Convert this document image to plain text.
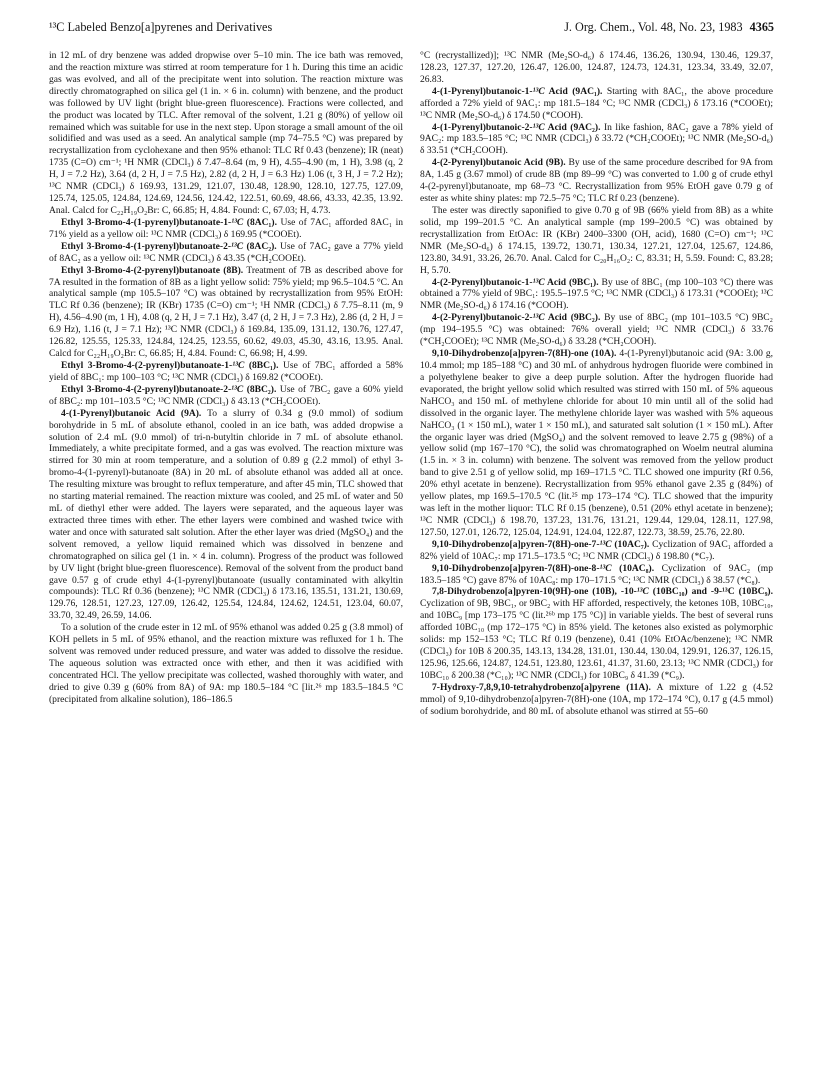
¹³C Labeled Benzo[a]pyrenes and Derivatives	J. Org. Chem., Vol. 48, No. 23, 1983 4365

in 12 mL of dry benzene was added dropwise over 5–10 min. The ice bath was removed, and the reaction mixture was stirred at room temperature for 1 h. During this time an acidic gas was evolved, and all of the precipitate went into solution. The reaction mixture was directly chromatographed on silica gel (1 in. × 6 in. column) with benzene, and the product was followed by UV light (bright blue-green fluorescence). Fractions were collected, and the product was located by TLC. After removal of the solvent, 1.21 g (80%) of yellow oil remained which was suitable for use in the next step. Upon storage a small amount of the oil solidified and was used as a seed. An analytical sample (mp 74–75.5 °C) was prepared by recrystallization from cyclohexane and then 95% ethanol: TLC Rf 0.43 (benzene); IR (neat) 1735 (C=O) cm⁻¹; ¹H NMR (CDCl₃) δ 7.47–8.64 (m, 9 H), 4.55–4.90 (m, 1 H), 3.98 (q, 2 H, J = 7.2 Hz), 3.64 (d, 2 H, J = 7.5 Hz), 2.82 (d, 2 H, J = 6.3 Hz) 1.06 (t, 3 H, J = 7.2 Hz); ¹³C NMR (CDCl₃) δ 169.93, 131.29, 121.07, 130.48, 128.90, 128.10, 127.75, 127.09, 125.74, 125.05, 124.84, 124.69, 124.56, 124.42, 122.51, 60.69, 48.66, 43.33, 42.35, 13.92. Anal. Calcd for C₂₂H₁₉O₂Br: C, 66.85; H, 4.84. Found: C, 67.03; H, 4.73.

Ethyl 3-Bromo-4-(1-pyrenyl)butanoate-1-¹³C (8AC₁). Use of 7AC₁ afforded 8AC₁ in 71% yield as a yellow oil: ¹³C NMR (CDCl₃) δ 169.95 (*COOEt).

Ethyl 3-Bromo-4-(1-pyrenyl)butanoate-2-¹³C (8AC₂). Use of 7AC₂ gave a 77% yield of 8AC₂ as a yellow oil: ¹³C NMR (CDCl₃) δ 43.35 (*CH₂COOEt).

Ethyl 3-Bromo-4-(2-pyrenyl)butanoate (8B). Treatment of 7B as described above for 7A resulted in the formation of 8B as a light yellow solid: 75% yield; mp 96.5–104.5 °C. An analytical sample (mp 105.5–107 °C) was obtained by recrystallization from 95% EtOH: TLC Rf 0.36 (benzene); IR (KBr) 1735 (C=O) cm⁻¹; ¹H NMR (CDCl₃) δ 7.75–8.11 (m, 9 H), 4.56–4.90 (m, 1 H), 4.08 (q, 2 H, J = 7.1 Hz), 3.47 (d, 2 H, J = 7.3 Hz), 2.86 (d, 2 H, J = 6.9 Hz), 1.16 (t, J = 7.1 Hz); ¹³C NMR (CDCl₃) δ 169.84, 135.09, 131.12, 130.76, 127.47, 126.82, 125.55, 125.33, 124.84, 124.25, 123.55, 60.62, 49.03, 45.30, 43.16, 13.95. Anal. Calcd for C₂₂H₁₉O₂Br: C, 66.85; H, 4.84. Found: C, 66.98; H, 4.99.

Ethyl 3-Bromo-4-(2-pyrenyl)butanoate-1-¹³C (8BC₁). Use of 7BC₁ afforded a 58% yield of 8BC₁: mp 100–103 °C; ¹³C NMR (CDCl₃) δ 169.82 (*COOEt).

Ethyl 3-Bromo-4-(2-pyrenyl)butanoate-2-¹³C (8BC₂). Use of 7BC₂ gave a 60% yield of 8BC₂: mp 101–103.5 °C; ¹³C NMR (CDCl₃) δ 43.13 (*CH₂COOEt).

4-(1-Pyrenyl)butanoic Acid (9A). To a slurry of 0.34 g (9.0 mmol) of sodium borohydride in 5 mL of absolute ethanol, cooled in an ice bath, was added dropwise a solution of 2.4 mL (9.0 mmol) of tri-n-butyltin chloride in 7 mL of absolute ethanol. Immediately, a white precipitate formed, and a gas was evolved. The reaction mixture was stirred for 30 min at room temperature, and a solution of 0.89 g (2.2 mmol) of ethyl 3-bromo-4-(1-pyrenyl)-butanoate (8A) in 20 mL of absolute ethanol was added all at once. The resulting mixture was brought to reflux temperature, and after 45 min, TLC showed that no starting material remained. The reaction mixture was cooled, and 25 mL of water and 50 mL of diethyl ether were added. The layers were separated, and the aqueous layer was extracted three times with ether. The ether layers were combined and washed twice with water and once with saturated salt solution. After the ether layer was dried (MgSO₄) and the solvent removed, a yellow liquid remained which was dissolved in benzene and chromatographed on silica gel (1 in. × 4 in. column). Progress of the product was followed by UV light (bright blue-green fluorescence). Removal of the solvent from the product band gave 0.57 g of crude ethyl 4-(1-pyrenyl)butanoate (usually contaminated with alkyltin compounds): TLC Rf 0.36 (benzene); ¹³C NMR (CDCl₃) δ 173.16, 135.51, 131.21, 130.69, 129.76, 128.51, 127.23, 127.09, 126.42, 125.54, 124.84, 124.62, 124.51, 123.04, 60.07, 33.70, 32.49, 26.59, 14.06.

To a solution of the crude ester in 12 mL of 95% ethanol was added 0.25 g (3.8 mmol) of KOH pellets in 5 mL of 95% ethanol, and the reaction mixture was refluxed for 1 h. The solvent was removed under reduced pressure, and water was added to dissolve the residue. The aqueous solution was extracted once with ether, and then it was acidified with concentrated HCl. The yellow precipitate was collected, washed thoroughly with water, and dried to give 0.39 g (60% from 8A) of 9A: mp 180.5–184 °C [lit.²⁶ mp 183.5–184.5 °C (precipitated from alkaline solution), 186–186.5

°C (recrystallized)]; ¹³C NMR (Me₂SO-d₆) δ 174.46, 136.26, 130.94, 130.46, 129.37, 128.23, 127.37, 127.20, 126.47, 126.00, 124.87, 124.73, 124.31, 123.34, 33.49, 32.07, 26.83.

4-(1-Pyrenyl)butanoic-1-¹³C Acid (9AC₁). Starting with 8AC₁, the above procedure afforded a 72% yield of 9AC₁: mp 181.5–184 °C; ¹³C NMR (CDCl₃) δ 173.16 (*COOEt); ¹³C NMR (Me₂SO-d₆) δ 174.50 (*COOH).

4-(1-Pyrenyl)butanoic-2-¹³C Acid (9AC₂). In like fashion, 8AC₂ gave a 78% yield of 9AC₂: mp 183.5–185 °C; ¹³C NMR (CDCl₃) δ 33.72 (*CH₂COOEt); ¹³C NMR (Me₂SO-d₆) δ 33.51 (*CH₂COOH).

4-(2-Pyrenyl)butanoic Acid (9B). By use of the same procedure described for 9A from 8A, 1.45 g (3.67 mmol) of crude 8B (mp 89–99 °C) was converted to 1.00 g of crude ethyl 4-(2-pyrenyl)butanoate, mp 68–73 °C. Recrystallization from 95% EtOH gave 0.79 g of ester as white shiny plates: mp 72.5–75 °C; TLC Rf 0.23 (benzene).

The ester was directly saponified to give 0.70 g of 9B (66% yield from 8B) as a white solid, mp 199–201.5 °C. An analytical sample (mp 199–200.5 °C) was obtained by recrystallization from EtOAc: IR (KBr) 2400–3300 (OH, acid), 1680 (C=O) cm⁻¹; ¹³C NMR (Me₂SO-d₆) δ 174.15, 139.72, 130.71, 130.34, 127.21, 127.04, 125.67, 124.86, 123.80, 34.91, 33.26, 26.70. Anal. Calcd for C₂₀H₁₆O₂: C, 83.31; H, 5.59. Found: C, 83.28; H, 5.70.

4-(2-Pyrenyl)butanoic-1-¹³C Acid (9BC₁). By use of 8BC₁ (mp 100–103 °C) there was obtained a 77% yield of 9BC₁: 195.5–197.5 °C; ¹³C NMR (CDCl₃) δ 173.31 (*COOEt); ¹³C NMR (Me₂SO-d₆) δ 174.16 (*COOH).

4-(2-Pyrenyl)butanoic-2-¹³C Acid (9BC₂). By use of 8BC₂ (mp 101–103.5 °C) 9BC₂ (mp 194–195.5 °C) was obtained: 76% overall yield; ¹³C NMR (CDCl₃) δ 33.76 (*CH₂COOEt); ¹³C NMR (Me₂SO-d₆) δ 33.28 (*CH₂COOH).

9,10-Dihydrobenzo[a]pyren-7(8H)-one (10A). 4-(1-Pyrenyl)butanoic acid (9A: 3.00 g, 10.4 mmol; mp 185–188 °C) and 30 mL of anhydrous hydrogen fluoride were combined in a polyethylene beaker to give a deep purple solution. After the hydrogen fluoride had evaporated, the bright yellow solid which resulted was stirred with 150 mL of 5% aqueous NaHCO₃ and 150 mL of methylene chloride for about 10 min until all of the solid had dissolved in the organic layer. The methylene chloride layer was washed with 5% aqueous NaHCO₃ (1 × 150 mL), water 1 × 150 mL), and saturated salt solution (1 × 150 mL). After the organic layer was dried (MgSO₄) and the solvent removed to leave 2.75 g (98%) of a yellow solid (mp 167–170 °C), the solid was chromatographed on Woelm neutral alumina (1.5 in. × 3 in. column) with benzene. The solvent was removed from the yellow product band to give 2.51 g of yellow solid, mp 169–171.5 °C. TLC showed one impurity (Rf 0.56, 20% ethyl acetate in benzene). Recrystallization from 95% ethanol gave 2.35 g (84%) of yellow plates, mp 169.5–170.5 °C (lit.²⁵ mp 173–174 °C). TLC showed that the impurity was left in the mother liquor: TLC Rf 0.15 (benzene), 0.51 (20% ethyl acetate in benzene); ¹³C NMR (CDCl₃) δ 198.70, 137.23, 131.76, 131.21, 129.44, 129.04, 128.11, 127.98, 127.50, 127.01, 126.72, 125.04, 124.91, 124.04, 122.87, 122.73, 38.59, 25.76, 22.80.

9,10-Dihydrobenzo[a]pyren-7(8H)-one-7-¹³C (10AC₇). Cyclization of 9AC₁ afforded a 82% yield of 10AC₇: mp 171.5–173.5 °C; ¹³C NMR (CDCl₃) δ 198.80 (*C₇).

9,10-Dihydrobenzo[a]pyren-7(8H)-one-8-¹³C (10AC₈). Cyclization of 9AC₂ (mp 183.5–185 °C) gave 87% of 10AC₈: mp 170–171.5 °C; ¹³C NMR (CDCl₃) δ 38.57 (*C₈).

7,8-Dihydrobenzo[a]pyren-10(9H)-one (10B), -10-¹³C (10BC₁₀) and -9-¹³C (10BC₉). Cyclization of 9B, 9BC₁, or 9BC₂ with HF afforded, respectively, the ketones 10B, 10BC₁₀, and 10BC₉ [mp 173–175 °C (lit.²⁶ᵇ mp 175 °C)] in variable yields. The best of several runs afforded 10BC₁₀ (mp 172–175 °C) in 85% yield. The ketones also existed as polymorphic solids: mp 152–153 °C; TLC Rf 0.19 (benzene), 0.41 (10% EtOAc/benzene); ¹³C NMR (CDCl₃) for 10B δ 200.35, 143.13, 134.28, 131.01, 130.44, 130.04, 129.91, 126.37, 126.15, 125.96, 125.66, 124.87, 124.51, 123.80, 123.61, 41.37, 31.60, 23.13; ¹³C NMR (CDCl₃) for 10BC₁₀ δ 200.38 (*C₁₀); ¹³C NMR (CDCl₃) for 10BC₉ δ 41.39 (*C₉).

7-Hydroxy-7,8,9,10-tetrahydrobenzo[a]pyrene (11A). A mixture of 1.22 g (4.52 mmol) of 9,10-dihydrobenzo[a]pyren-7(8H)-one (10A, mp 172–174 °C), 0.17 g (4.5 mmol) of sodium borohydride, and 80 mL of absolute ethanol was stirred at 55–60
